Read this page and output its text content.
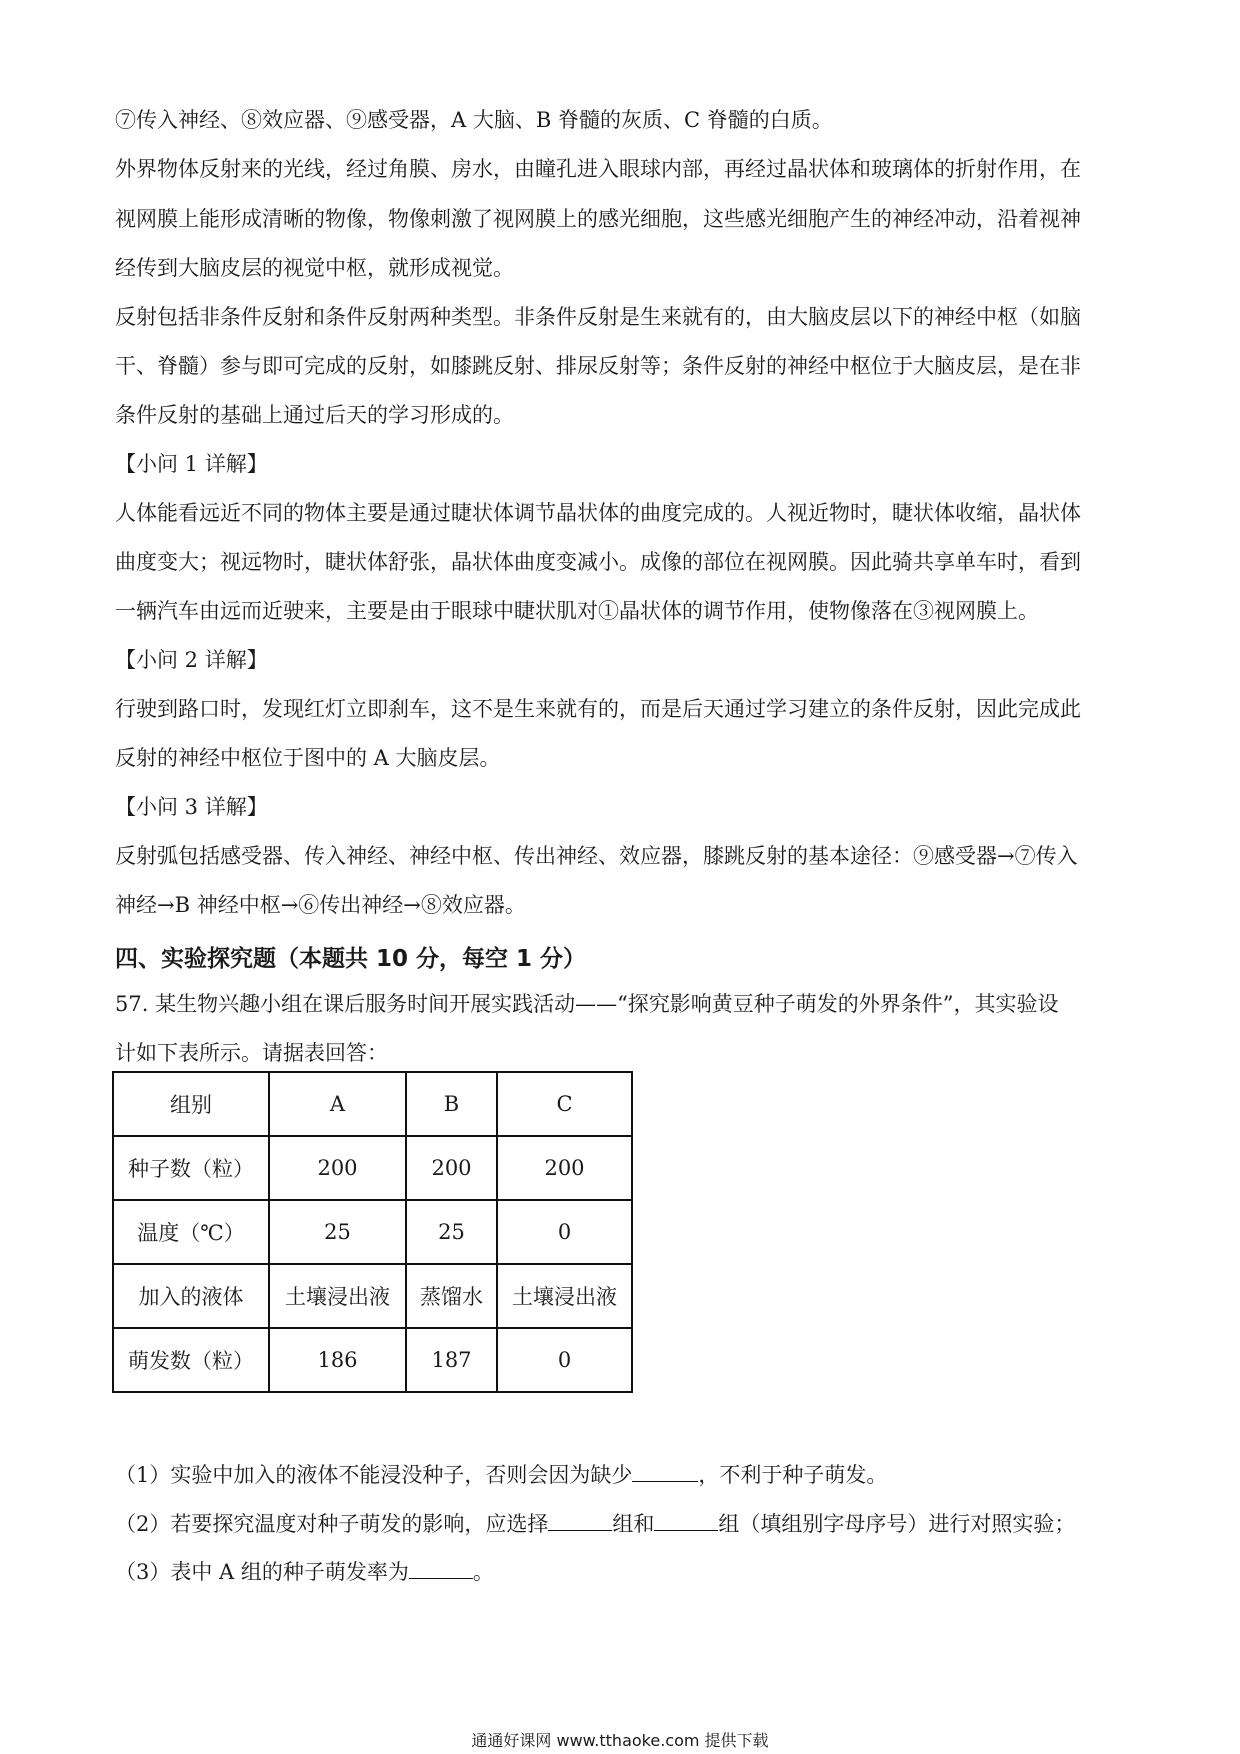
⑦传入神经、⑧效应器、⑨感受器，A 大脑、B 脊髓的灰质、C 脊髓的白质。
外界物体反射来的光线，经过角膜、房水，由瞳孔进入眼球内部，再经过晶状体和玻璃体的折射作用，在
视网膜上能形成清晰的物像，物像刺激了视网膜上的感光细胞，这些感光细胞产生的神经冲动，沿着视神
经传到大脑皮层的视觉中枢，就形成视觉。
反射包括非条件反射和条件反射两种类型。非条件反射是生来就有的，由大脑皮层以下的神经中枢（如脑
干、脊髓）参与即可完成的反射，如膝跳反射、排尿反射等；条件反射的神经中枢位于大脑皮层，是在非
条件反射的基础上通过后天的学习形成的。
【小问 1 详解】
人体能看远近不同的物体主要是通过睫状体调节晶状体的曲度完成的。人视近物时，睫状体收缩，晶状体
曲度变大；视远物时，睫状体舒张，晶状体曲度变减小。成像的部位在视网膜。因此骑共享单车时，看到
一辆汽车由远而近驶来，主要是由于眼球中睫状肌对①晶状体的调节作用，使物像落在③视网膜上。
【小问 2 详解】
行驶到路口时，发现红灯立即刹车，这不是生来就有的，而是后天通过学习建立的条件反射，因此完成此
反射的神经中枢位于图中的 A 大脑皮层。
【小问 3 详解】
反射弧包括感受器、传入神经、神经中枢、传出神经、效应器，膝跳反射的基本途径：⑨感受器→⑦传入
神经→B 神经中枢→⑥传出神经→⑧效应器。
四、实验探究题（本题共 10 分，每空 1 分）
57. 某生物兴趣小组在课后服务时间开展实践活动——“探究影响黄豆种子萌发的外界条件”，其实验设
计如下表所示。请据表回答：
组别	A	B	C
种子数（粒）	200	200	200
温度（℃）	25	25	0
加入的液体	土壤浸出液	蒸馏水	土壤浸出液
萌发数（粒）	186	187	0
（1）实验中加入的液体不能浸没种子，否则会因为缺少	，不利于种子萌发。
（2）若要探究温度对种子萌发的影响，应选择	组和	组（填组别字母序号）进行对照实验；
（3）表中 A 组的种子萌发率为	。
通通好课网 www.tthaoke.com 提供下载
